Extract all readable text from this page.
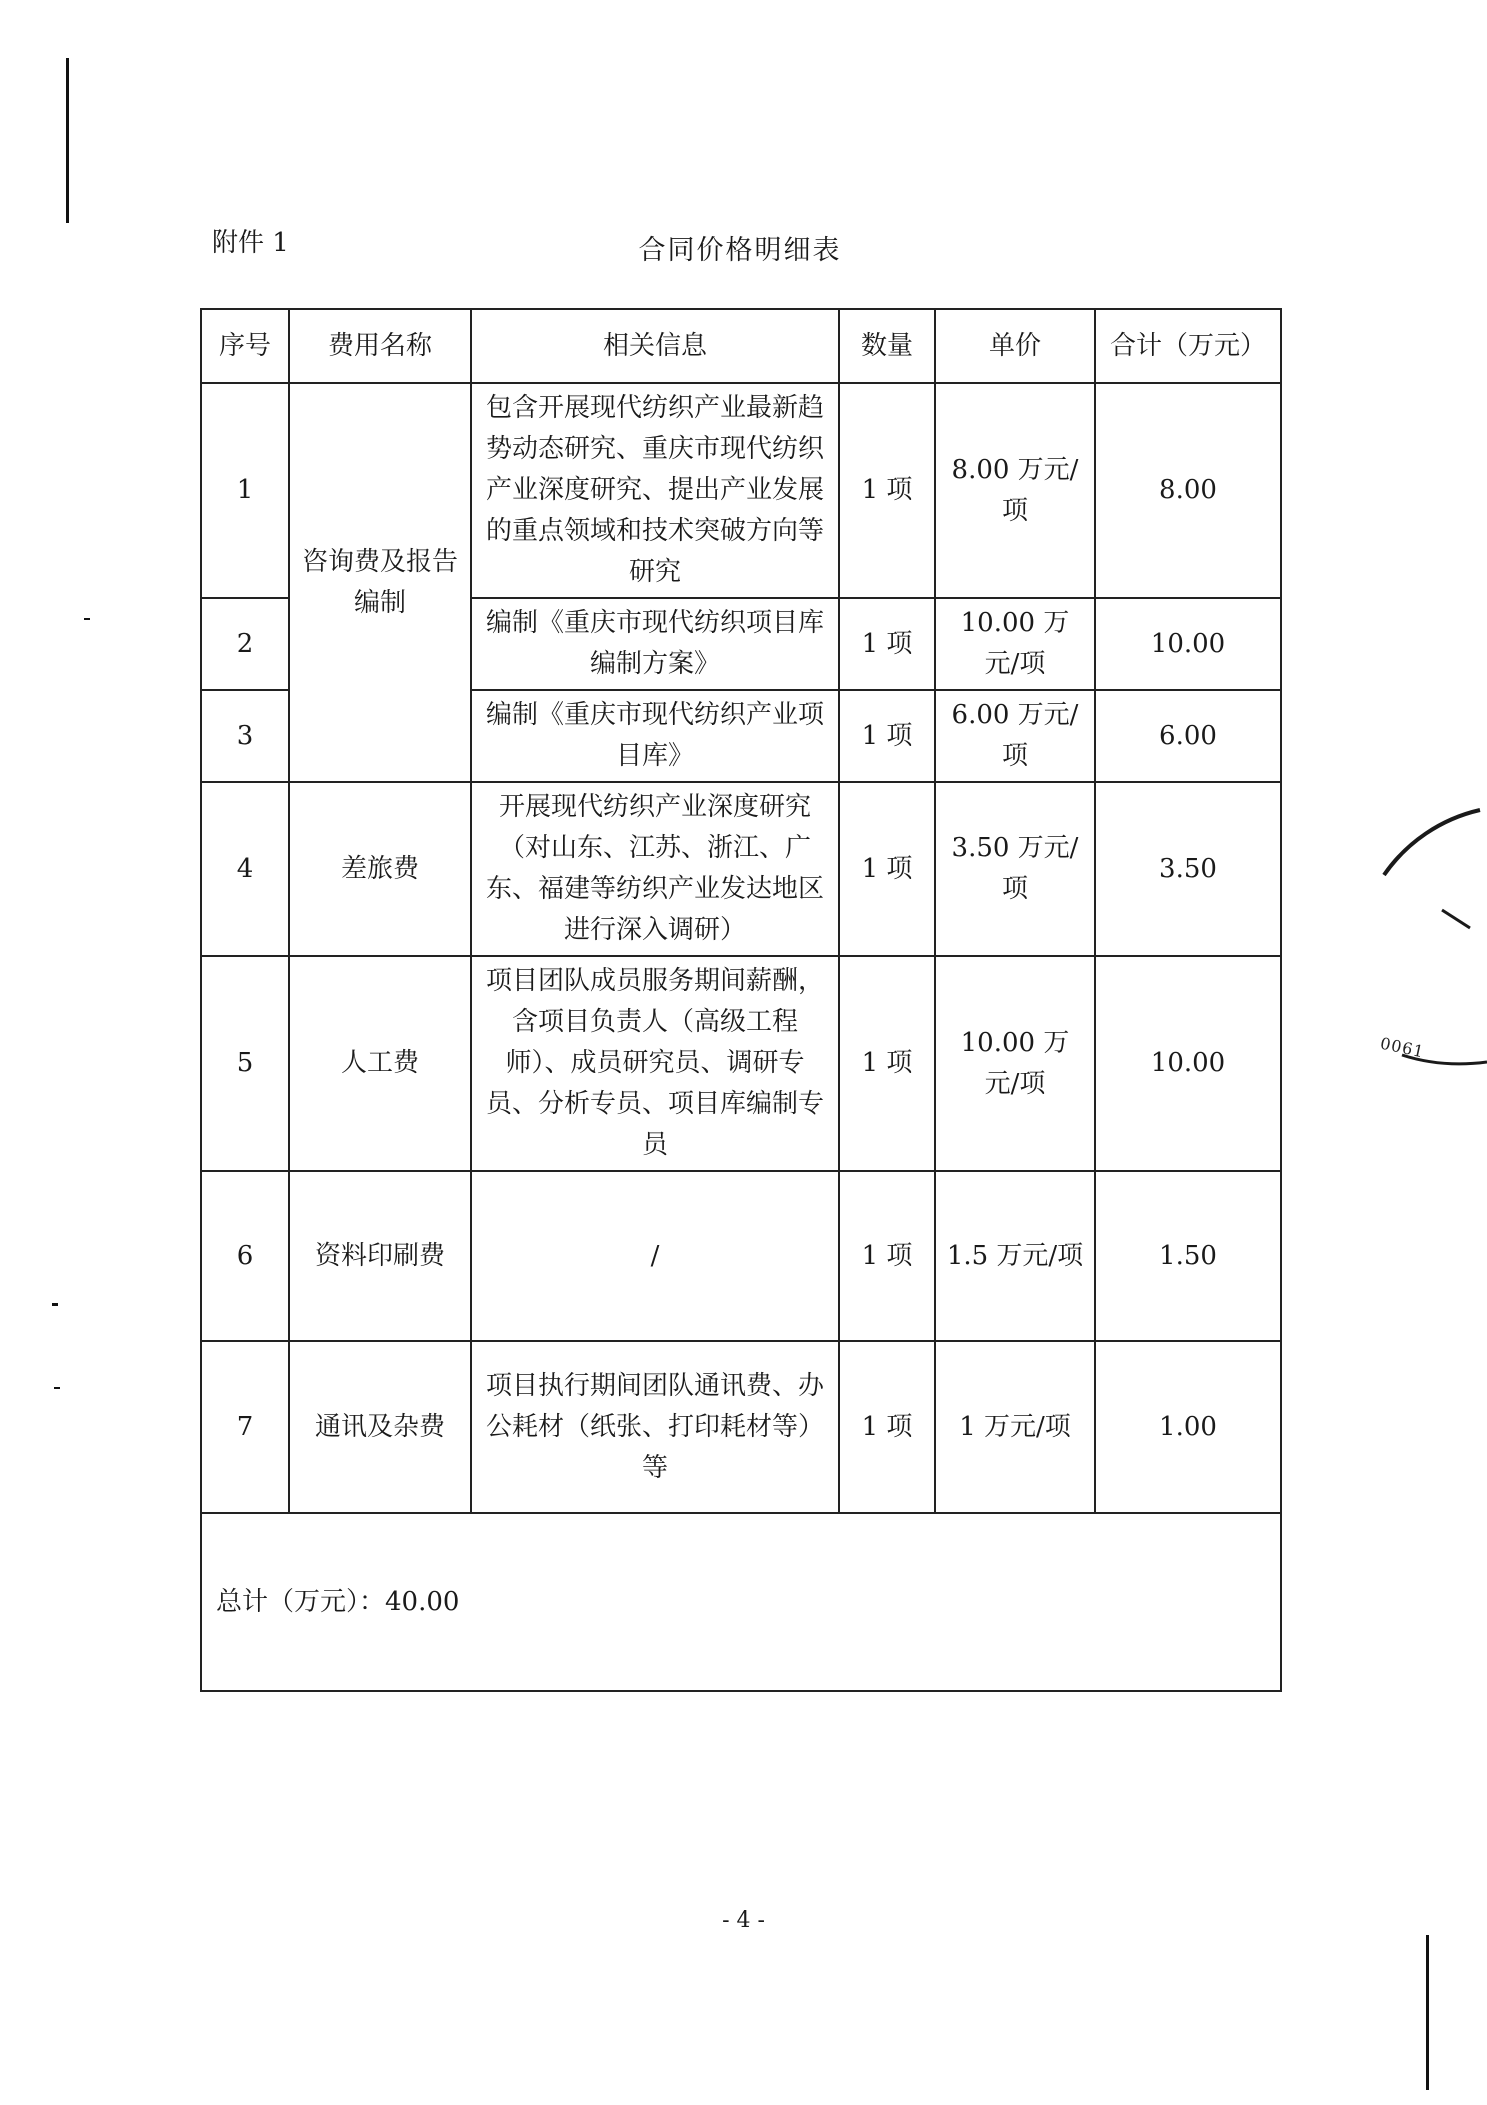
0061
附件 1	合同价格明细表
序号	费用名称	相关信息	数量	单价	合计（万元）
1	咨询费及报告编制	包含开展现代纺织产业最新趋势动态研究、重庆市现代纺织产业深度研究、提出产业发展的重点领域和技术突破方向等研究	1 项	8.00 万元/项	8.00
2		编制《重庆市现代纺织项目库编制方案》	1 项	10.00 万元/项	10.00
3		编制《重庆市现代纺织产业项目库》	1 项	6.00 万元/项	6.00
4	差旅费	开展现代纺织产业深度研究（对山东、江苏、浙江、广东、福建等纺织产业发达地区进行深入调研）	1 项	3.50 万元/项	3.50
5	人工费	项目团队成员服务期间薪酬，含项目负责人（高级工程师）、成员研究员、调研专员、分析专员、项目库编制专员	1 项	10.00 万元/项	10.00
6	资料印刷费	/	1 项	1.5 万元/项	1.50
7	通讯及杂费	项目执行期间团队通讯费、办公耗材（纸张、打印耗材等）等	1 项	1 万元/项	1.00
总计（万元）：40.00					
- 4 -
